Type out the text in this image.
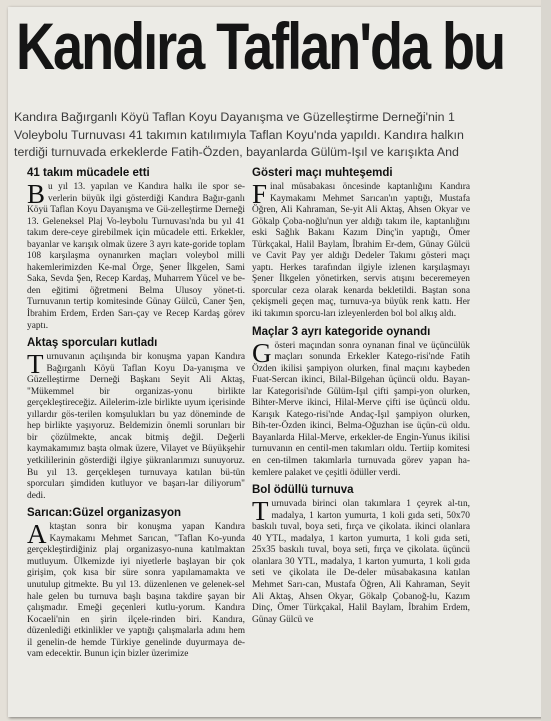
Kandıra Taflan'da bu
Kandıra Bağırganlı Köyü Taflan Koyu Dayanışma ve Güzelleştirme Derneği'nin 1
Voleybolu Turnuvası 41 takımın katılımıyla Taflan Koyu'nda yapıldı. Kandıra halkın
terdiği turnuvada erkeklerde Fatih-Özden, bayanlarda Gülüm-Işıl ve karışıkta And
41 takım mücadele etti

Bu yıl 13. yapılan ve Kandıra halkı ile spor se-verlerin büyük ilgi gösterdiği Kandıra Bağır-ganlı Köyü Taflan Koyu Dayanışma ve Gü-zelleştirme Derneği 13. Geleneksel Plaj Vo-leybolu Turnuvası'nda bu yıl 41 takım dere-ceye girebilmek için mücadele etti. Erkekler, bayanlar ve karışık olmak üzere 3 ayrı kate-goride toplam 108 karşılaşma oynanırken maçları voleybol milli hakemlerimizden Ke-mal Örge, Şener İlkgelen, Sami Saka, Sevda Şen, Recep Kardaş, Muharrem Yücel ve be-den eğitimi öğretmeni Belma Ulusoy yönet-ti. Turnuvanın tertip komitesinde Günay Gülcü, Caner Şen, İbrahim Erdem, Erden Sarı-çay ve Recep Kardaş görev yaptı.

Aktaş sporcuları kutladı

Turnuvanın açılışında bir konuşma yapan Kandıra Bağırganlı Köyü Taflan Koyu Da-yanışma ve Güzelleştirme Derneği Başkanı Seyit Ali Aktaş, "Mükemmel bir organizas-yonu birlikte gerçekleştireceğiz. Ailelerim-izle birlikte uyum içerisinde yıllardır gös-terilen komşulukları bu yaz döneminde de hep birlikte yaşıyoruz. Beldemizin önemli sorunları bir bir çözülmekte, ancak bitmiş değil. Değerli kaymakamımız başta olmak üzere, Vilayet ve Büyükşehir yetkililerinin gösterdiği ilgiye şükranlarımızı sunuyoruz. Bu yıl 13. gerçekleşen turnuvaya katılan bü-tün sporcuları şimdiden kutluyor ve başarı-lar diliyorum" dedi.

Sarıcan:Güzel organizasyon

Aktaştan sonra bir konuşma yapan Kandıra Kaymakamı Mehmet Sarıcan, "Taflan Ko-yunda gerçekleştirdiğiniz plaj organizasyo-nuna katılmaktan mutluyum. Ülkemizde iyi niyetlerle başlayan bir çok girişim, çok kısa bir süre sonra yapılamamakta ve unutulup gitmekte. Bu yıl 13. düzenlenen ve gelenek-sel hale gelen bu turnuva başlı başına takdire şayan bir çalışmadır. Emeği geçenleri kutlu-yorum. Kandıra Kocaeli'nin en şirin ilçele-rinden biri. Kandıra, düzenlediği etkinlikler ve yaptığı çalışmalarla adını hem il genelin-de hemde Türkiye genelinde duyurmaya de-vam edecektir. Bunun için bizler üzerimize

Gösteri maçı muhteşemdi

Final müsabakası öncesinde kaptanlığını Kandıra Kaymakamı Mehmet Sarıcan'ın yaptığı, Mustafa Öğren, Ali Kahraman, Se-yit Ali Aktaş, Ahsen Okyar ve Gökalp Çoba-noğlu'nun yer aldığı takım ile, kaptanlığını eski Sağlık Bakanı Kazım Dinç'in yaptığı, Ömer Türkçakal, Halil Baylam, İbrahim Er-dem, Günay Gülcü ve Cavit Pay yer aldığı Dedeler Takımı gösteri maçı yaptı. Herkes tarafından ilgiyle izlenen karşılaşmayı Şener İlkgelen yönetirken, servis atışını beceremeyen sporcular ceza olarak kenarda bekletildi. Baştan sona çekişmeli geçen maç, turnuva-ya büyük renk kattı. Her iki takımın sporcu-ları izleyenlerden bol bol alkış aldı.

Maçlar 3 ayrı kategoride oynandı

Gösteri maçından sonra oynanan final ve üçüncülük maçları sonunda Erkekler Katego-risi'nde Fatih Özden ikilisi şampiyon olurken, final maçını kaybeden Fuat-Sercan ikinci, Bilal-Bilgehan üçüncü oldu. Bayan-lar Kategorisi'nde Gülüm-Işıl çifti şampi-yon olurken, Bihter-Merve ikinci, Hilal-Merve çifti ise üçüncü oldu. Karışık Katego-risi'nde Andaç-Işıl şampiyon olurken, Bih-ter-Özden ikinci, Belma-Oğuzhan ise üçün-cü oldu. Bayanlarda Hilal-Merve, erkekler-de Engin-Yunus ikilisi turnuvanın en centil-men takımları oldu. Tertiip komitesi en cen-tilmen takımlarla turnuvada görev yapan ha-kemlere palaket ve çeşitli ödüller verdi.

Bol ödüllü turnuva

Turnuvada birinci olan takımlara 1 çeyrek al-tın, madalya, 1 karton yumurta, 1 koli gıda seti, 50x70 baskılı tuval, boya seti, fırça ve çikolata. ikinci olanlara 40 YTL, madalya, 1 karton yumurta, 1 koli gıda seti, 25x35 baskılı tuval, boya seti, fırça ve çikolata. üçüncü olanlara 30 YTL, madalya, 1 karton yumurta, 1 koli gıda seti ve çikolata ile De-deler müsabakasına katılan Mehmet Sarı-can, Mustafa Öğren, Ali Kahraman, Seyit Ali Aktaş, Ahsen Okyar, Gökalp Çobanoğ-lu, Kazım Dinç, Ömer Türkçakal, Halil Baylam, İbrahim Erdem, Günay Gülcü ve
